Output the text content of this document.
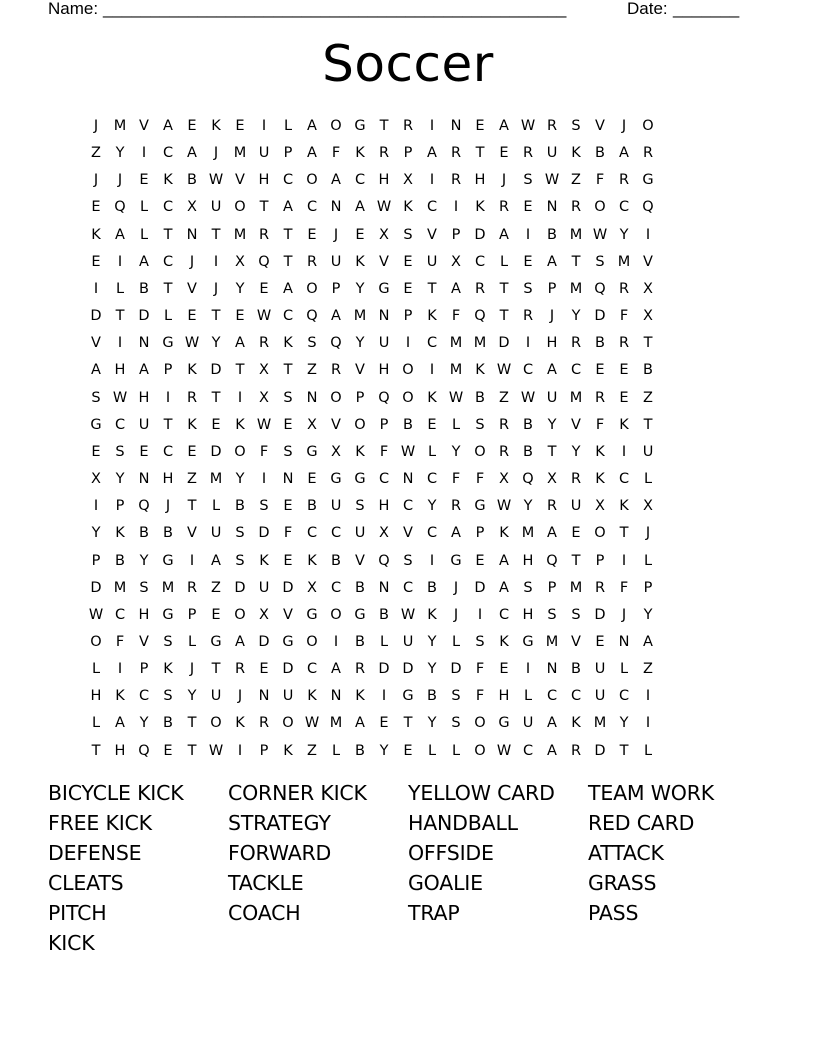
Name: _________________________________________________	Date: _______
Soccer
J	M V A E	K	E	I	L	A O G T	R	I	N E A W R S V	J	O
Z	Y	I	C A	J	M U P	A	F	K R	P	A R	T	E R U K B A R
J	J	E	K B W V H C O A C H X	I	R H	J	S W Z	F	R G
E Q L	C X U O T	A C N A W K C	I	K R E N R O C Q
K A	L	T N T M R	T	E	J	E X S V	P D A	I	B M W Y	I
E	I	A C	J	I	X Q T	R U K V E U X C	L	E A	T	S M V
I	L	B	T	V	J	Y	E A O P	Y G E	T	A R	T	S	P M Q R X
D T D L	E	T	E W C Q A M N P	K	F Q T	R	J	Y D F	X
V	I	N G W Y	A R K	S Q Y U	I	C M M D	I	H R B R	T
A H A	P	K D T	X	T	Z R V H O	I	M K W C A C E	E B
S W H	I	R	T	I	X S N O P Q O K W B Z W U M R E Z
G C U T	K	E	K W E X V O P	B E	L	S R B	Y	V	F	K	T
E	S	E C E D O F	S G X K	F W L	Y O R B	T	Y	K	I	U
X	Y N H Z M Y	I	N E G G C N C	F	F	X Q X R K C	L
I	P Q	J	T	L	B S	E B U S H C	Y	R G W Y	R U X K X
Y	K B B V U S D F	C C U X V C A	P	K M A E O T	J
P	B	Y G	I	A S	K	E	K B V Q S	I	G E A H Q T	P	I	L
D M S M R Z D U D X C B N C B	J	D A S	P M R	F	P
W C H G P	E O X V G O G B W K	J	I	C H S	S D	J	Y
O F	V S	L G A D G O	I	B	L	U Y	L	S	K G M V E N A
L	I	P	K	J	T	R E D C A R D D Y D F	E	I	N B U	L	Z
H K C S	Y U	J	N U K N K	I	G B S	F H	L	C C U C	I
L	A	Y	B	T O K R O W M A E	T	Y	S O G U A K M Y	I
T H Q E	T W	I	P	K Z	L	B	Y	E	L	L O W C A R D T	L
BICYCLE KICK	CORNER KICK	YELLOW CARD	TEAM WORK
FREE KICK	STRATEGY	HANDBALL	RED CARD
DEFENSE	FORWARD	OFFSIDE	ATTACK
CLEATS	TACKLE	GOALIE	GRASS
PITCH	COACH	TRAP	PASS
KICK
